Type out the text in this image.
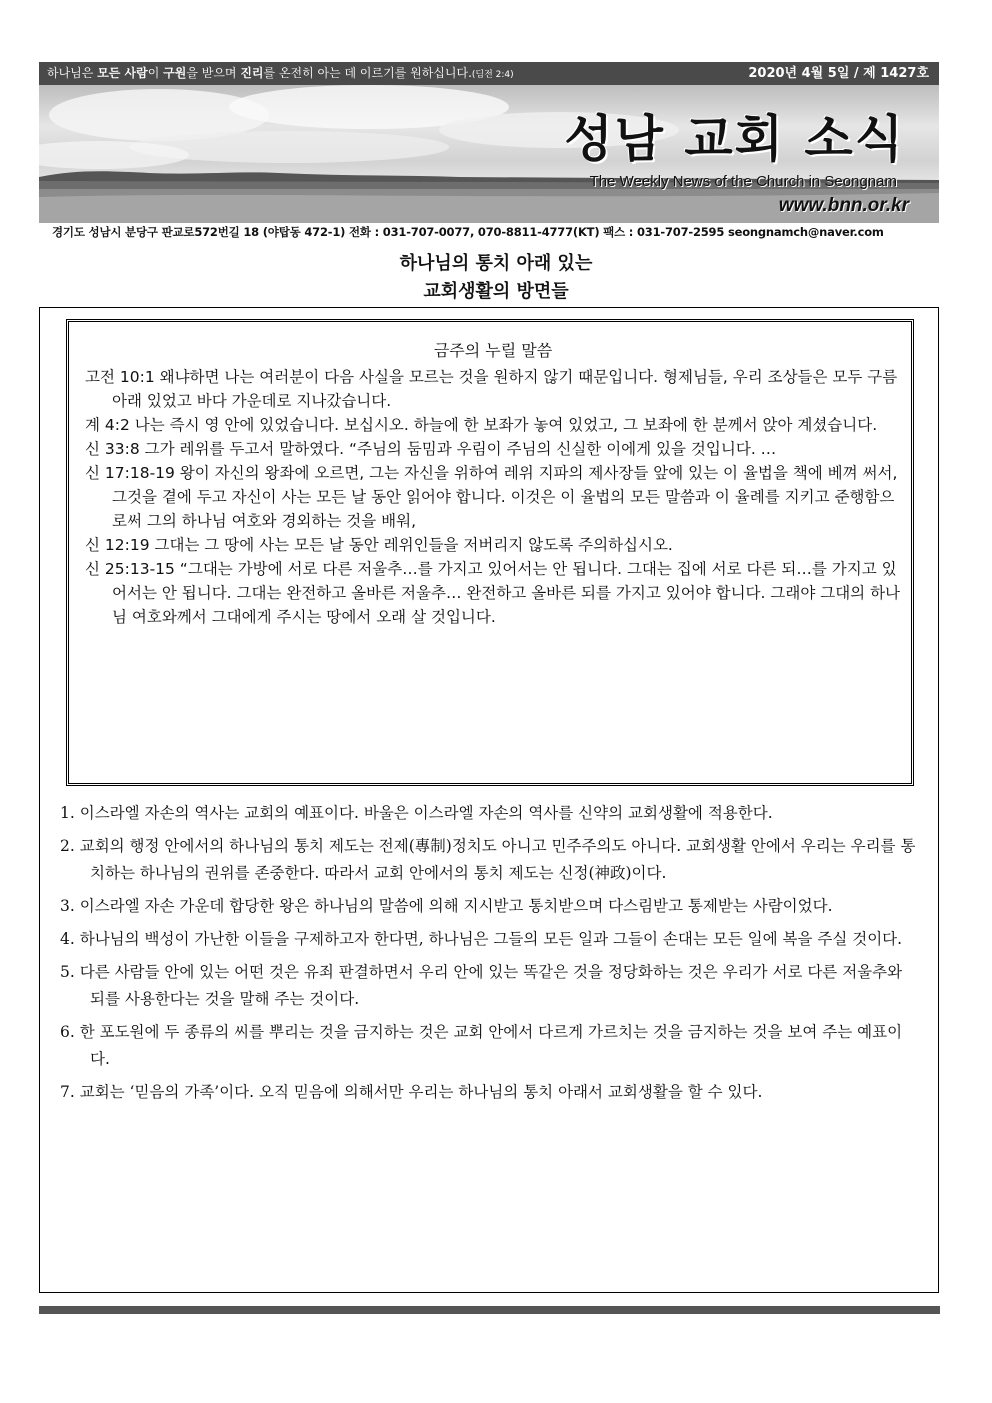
하나님은 모든 사람이 구원을 받으며 진리를 온전히 아는 데 이르기를 원하십니다.(딤전 2:4)	2020년 4월 5일 / 제 1427호
성남 교회 소식
The Weekly News of the Church in Seongnam
www.bnn.or.kr
경기도 성남시 분당구 판교로572번길 18 (야탑동 472-1) 전화 : 031-707-0077, 070-8811-4777(KT) 팩스 : 031-707-2595 seongnamch@naver.com
하나님의 통치 아래 있는
교회생활의 방면들
금주의 누릴 말씀

고전 10:1 왜냐하면 나는 여러분이 다음 사실을 모르는 것을 원하지 않기 때문입니다. 형제님들, 우리 조상들은 모두 구름 아래 있었고 바다 가운데로 지나갔습니다.

계 4:2 나는 즉시 영 안에 있었습니다. 보십시오. 하늘에 한 보좌가 놓여 있었고, 그 보좌에 한 분께서 앉아 계셨습니다.

신 33:8 그가 레위를 두고서 말하였다. “주님의 둠밈과 우림이 주님의 신실한 이에게 있을 것입니다. …

신 17:18-19 왕이 자신의 왕좌에 오르면, 그는 자신을 위하여 레위 지파의 제사장들 앞에 있는 이 율법을 책에 베껴 써서, 그것을 곁에 두고 자신이 사는 모든 날 동안 읽어야 합니다. 이것은 이 율법의 모든 말씀과 이 율례를 지키고 준행함으로써 그의 하나님 여호와 경외하는 것을 배워,

신 12:19 그대는 그 땅에 사는 모든 날 동안 레위인들을 저버리지 않도록 주의하십시오.

신 25:13-15 “그대는 가방에 서로 다른 저울추…를 가지고 있어서는 안 됩니다. 그대는 집에 서로 다른 되…를 가지고 있어서는 안 됩니다. 그대는 완전하고 올바른 저울추… 완전하고 올바른 되를 가지고 있어야 합니다. 그래야 그대의 하나님 여호와께서 그대에게 주시는 땅에서 오래 살 것입니다.

1. 이스라엘 자손의 역사는 교회의 예표이다. 바울은 이스라엘 자손의 역사를 신약의 교회생활에 적용한다.
2. 교회의 행정 안에서의 하나님의 통치 제도는 전제(專制)정치도 아니고 민주주의도 아니다. 교회생활 안에서 우리는 우리를 통치하는 하나님의 권위를 존중한다. 따라서 교회 안에서의 통치 제도는 신정(神政)이다.
3. 이스라엘 자손 가운데 합당한 왕은 하나님의 말씀에 의해 지시받고 통치받으며 다스림받고 통제받는 사람이었다.
4. 하나님의 백성이 가난한 이들을 구제하고자 한다면, 하나님은 그들의 모든 일과 그들이 손대는 모든 일에 복을 주실 것이다.
5. 다른 사람들 안에 있는 어떤 것은 유죄 판결하면서 우리 안에 있는 똑같은 것을 정당화하는 것은 우리가 서로 다른 저울추와 되를 사용한다는 것을 말해 주는 것이다.
6. 한 포도원에 두 종류의 씨를 뿌리는 것을 금지하는 것은 교회 안에서 다르게 가르치는 것을 금지하는 것을 보여 주는 예표이다.
7. 교회는 ‘믿음의 가족’이다. 오직 믿음에 의해서만 우리는 하나님의 통치 아래서 교회생활을 할 수 있다.
